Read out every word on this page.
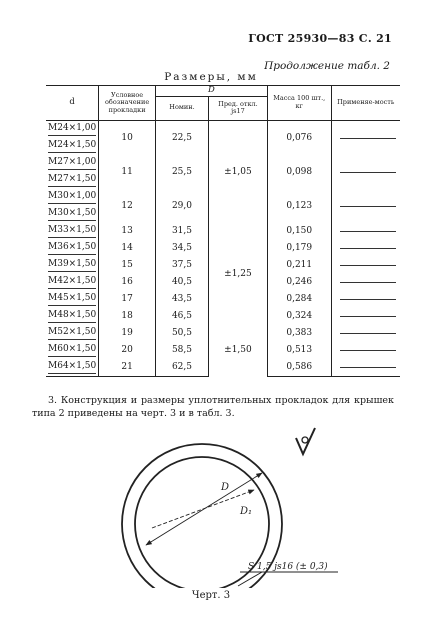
ГОСТ 25930—83 С. 21
Продолжение табл. 2
Размеры, мм
d	Условное обозначение прокладки	D		Масса 100 шт., кг	Применяе-мость
		Номин.	Пред. откл. js17		
M24×1,00	10	22,5	±1,05	0,076	
M24×1,50					
M27×1,00	11	25,5		0,098	
M27×1,50					
M30×1,00	12	29,0		0,123	
M30×1,50					
M33×1,50	13	31,5	±1,25	0,150	
M36×1,50	14	34,5		0,179	
M39×1,50	15	37,5		0,211	
M42×1,50	16	40,5		0,246	
M45×1,50	17	43,5		0,284	
M48×1,50	18	46,5		0,324	
M52×1,50	19	50,5	±1,50	0,383	
M60×1,50	20	58,5		0,513	
M64×1,50	21	62,5		0,586	
3. Конструкция и размеры уплотнительных прокладок для крышек типа 2 приведены на черт. 3 и в табл. 3.
D
D₁
S 1,5 js16 (± 0,3)
Черт. 3
